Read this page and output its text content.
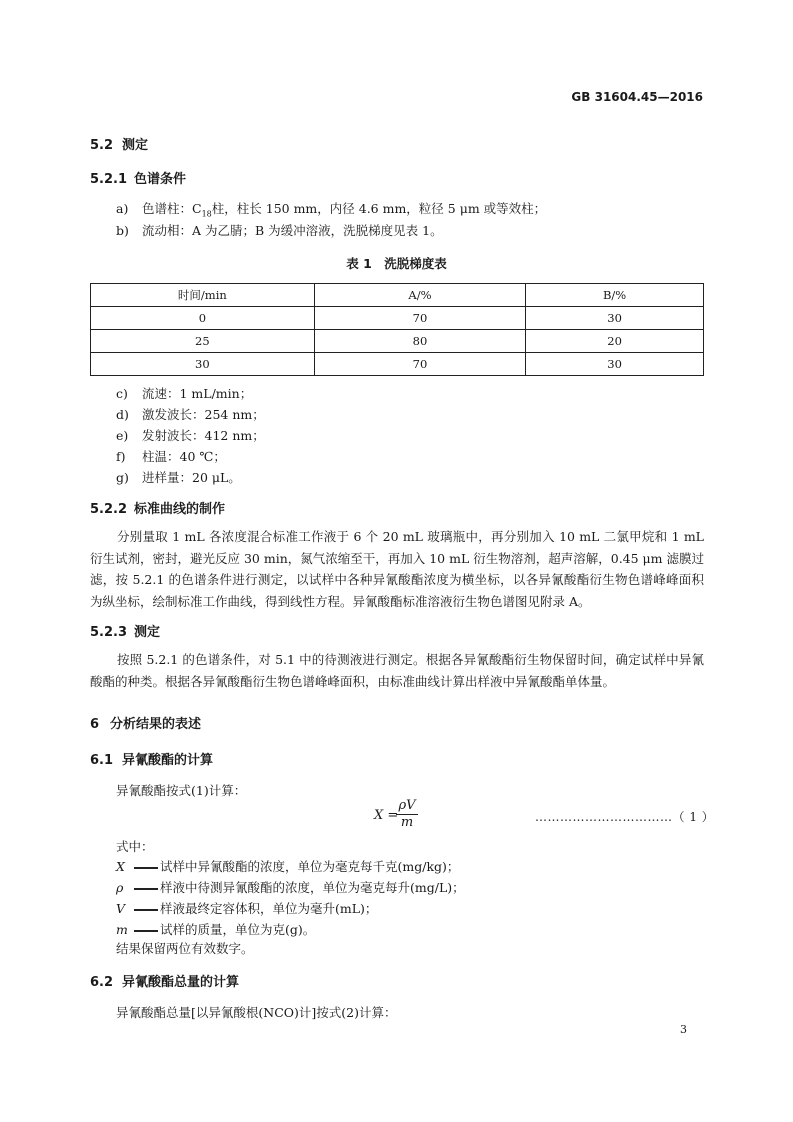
GB 31604.45—2016
5.2 测定
5.2.1 色谱条件
a) 色谱柱：$C_{18}$柱，柱长 150 mm，内径 4.6 mm，粒径 5 μm 或等效柱；
b) 流动相：A 为乙腈；B 为缓冲溶液，洗脱梯度见表 1。
表 1　洗脱梯度表
时间/min	A/%	B/%
0	70	30
25	80	20
30	70	30
c) 流速：1 mL/min；
d) 激发波长：254 nm；
e) 发射波长：412 nm；
f) 柱温：40 ℃；
g) 进样量：20 μL。
5.2.2 标准曲线的制作
分别量取 1 mL 各浓度混合标准工作液于 6 个 20 mL 玻璃瓶中，再分别加入 10 mL 二氯甲烷和 1 mL 衍生试剂，密封，避光反应 30 min，氮气浓缩至干，再加入 10 mL 衍生物溶剂，超声溶解，0.45 μm 滤膜过滤，按 5.2.1 的色谱条件进行测定，以试样中各种异氰酸酯浓度为横坐标，以各异氰酸酯衍生物色谱峰峰面积为纵坐标，绘制标准工作曲线，得到线性方程。异氰酸酯标准溶液衍生物色谱图见附录 A。
5.2.3 测定
按照 5.2.1 的色谱条件，对 5.1 中的待测液进行测定。根据各异氰酸酯衍生物保留时间，确定试样中异氰酸酯的种类。根据各异氰酸酯衍生物色谱峰峰面积，由标准曲线计算出样液中异氰酸酯单体量。
6 分析结果的表述
6.1 异氰酸酯的计算
异氰酸酯按式(1)计算：
X =
ρV
m	……………………………（ 1 ）
式中：
X	试样中异氰酸酯的浓度，单位为毫克每千克(mg/kg)；
ρ	样液中待测异氰酸酯的浓度，单位为毫克每升(mg/L)；
V	样液最终定容体积，单位为毫升(mL)；
m	试样的质量，单位为克(g)。
结果保留两位有效数字。
6.2 异氰酸酯总量的计算
异氰酸酯总量[以异氰酸根(NCO)计]按式(2)计算：
3
